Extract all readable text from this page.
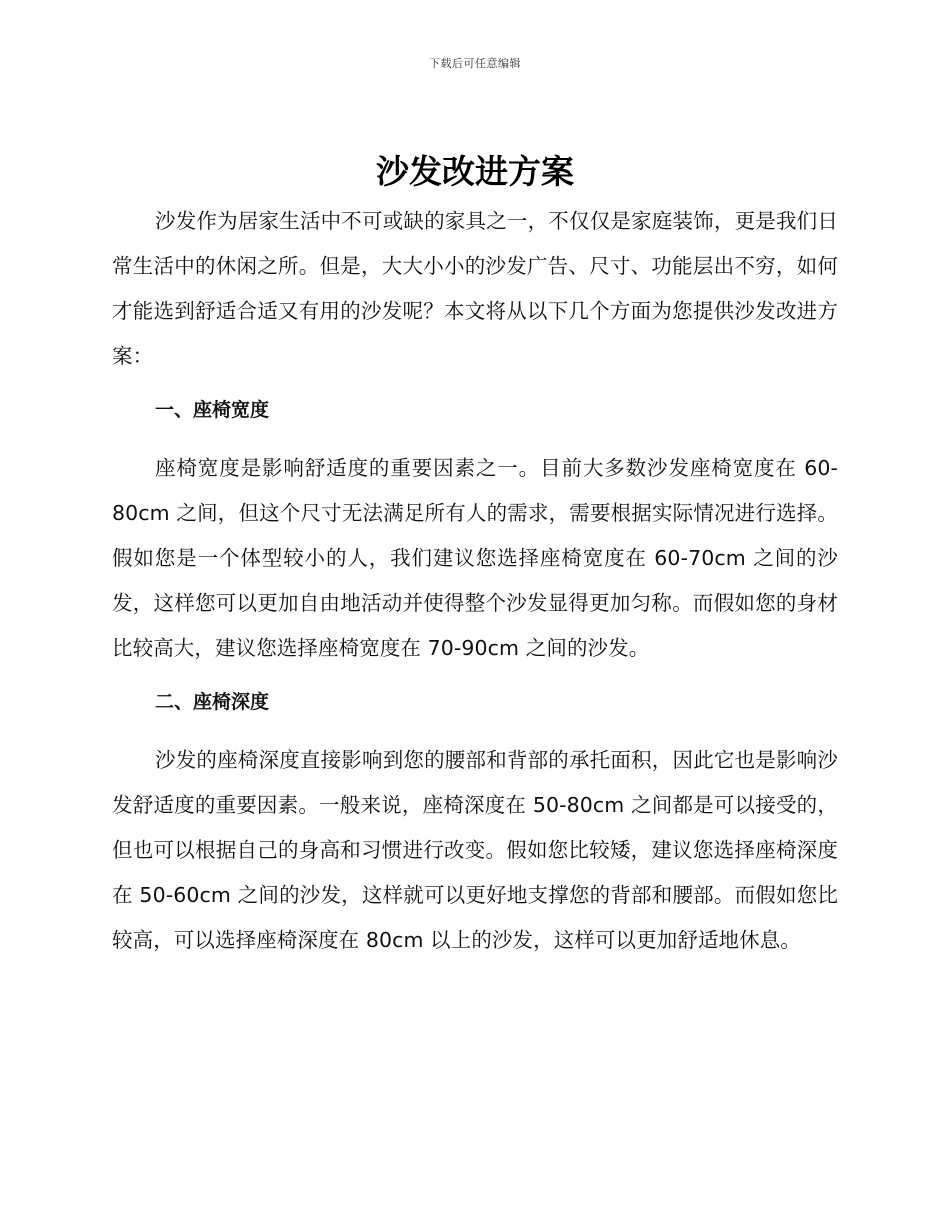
下载后可任意编辑
沙发改进方案

沙发作为居家生活中不可或缺的家具之一，不仅仅是家庭装饰，更是我们日常生活中的休闲之所。但是，大大小小的沙发广告、尺寸、功能层出不穷，如何才能选到舒适合适又有用的沙发呢？本文将从以下几个方面为您提供沙发改进方案：

一、座椅宽度

座椅宽度是影响舒适度的重要因素之一。目前大多数沙发座椅宽度在 60-80cm 之间，但这个尺寸无法满足所有人的需求，需要根据实际情况进行选择。假如您是一个体型较小的人，我们建议您选择座椅宽度在 60-70cm 之间的沙发，这样您可以更加自由地活动并使得整个沙发显得更加匀称。而假如您的身材比较高大，建议您选择座椅宽度在 70-90cm 之间的沙发。

二、座椅深度

沙发的座椅深度直接影响到您的腰部和背部的承托面积，因此它也是影响沙发舒适度的重要因素。一般来说，座椅深度在 50-80cm 之间都是可以接受的，但也可以根据自己的身高和习惯进行改变。假如您比较矮，建议您选择座椅深度在 50-60cm 之间的沙发，这样就可以更好地支撑您的背部和腰部。而假如您比较高，可以选择座椅深度在 80cm 以上的沙发，这样可以更加舒适地休息。
